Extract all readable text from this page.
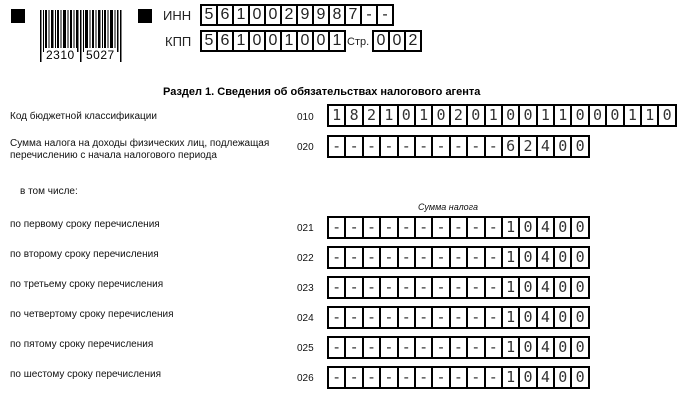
2310 5027
ИНН 5 6 1 0 0 2 9 9 8 7 - -
КПП 5 6 1 0 0 1 0 0 1 Стр. 0 0 2
Раздел 1. Сведения об обязательствах налогового агента
Код бюджетной классификации	010 1 8 2 1 0 1 0 2 0 1 0 0 1 1 0 0 0 1 1 0
Сумма налога на доходы физических лиц, подлежащая перечислению с начала налогового периода
020 - - - - - - - - - - 6 2 4 0 0
в том числе:
Сумма налога
по первому сроку перечисления	021 - - - - - - - - - - 1 0 4 0 0
по второму сроку перечисления	022 - - - - - - - - - - 1 0 4 0 0
по третьему сроку перечисления	023 - - - - - - - - - - 1 0 4 0 0
по четвертому сроку перечисления	024 - - - - - - - - - - 1 0 4 0 0
по пятому сроку перечисления	025 - - - - - - - - - - 1 0 4 0 0
по шестому сроку перечисления	026 - - - - - - - - - - 1 0 4 0 0
